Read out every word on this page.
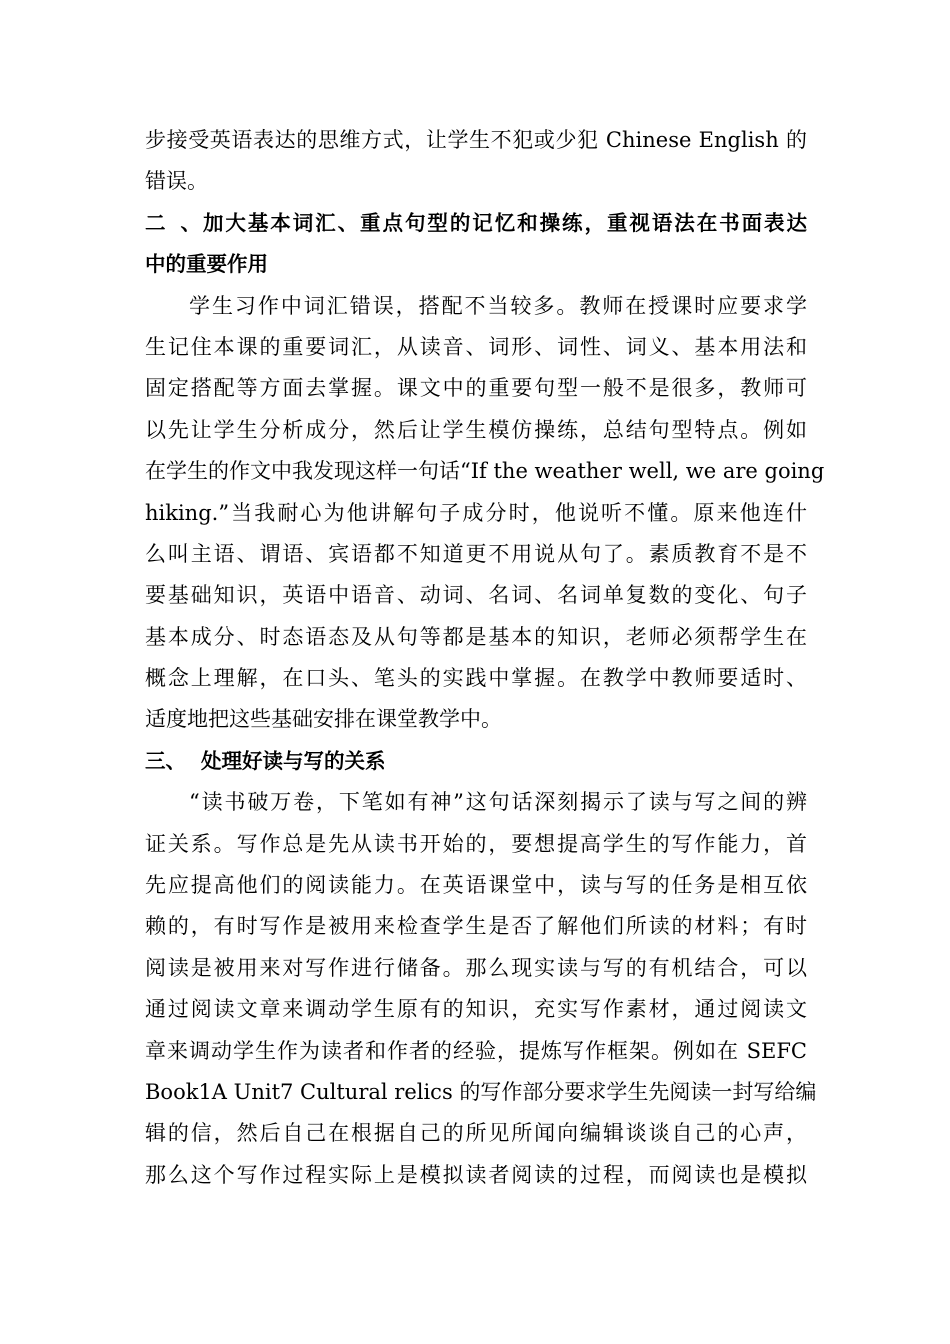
步接受英语表达的思维方式，让学生不犯或少犯 Chinese English 的
错误。
二、加大基本词汇、重点句型的记忆和操练，重视语法在书面表达
中的重要作用
学生习作中词汇错误，搭配不当较多。教师在授课时应要求学
生记住本课的重要词汇，从读音、词形、词性、词义、基本用法和
固定搭配等方面去掌握。课文中的重要句型一般不是很多，教师可
以先让学生分析成分，然后让学生模仿操练，总结句型特点。例如
在学生的作文中我发现这样一句话“If the weather well, we are going
hiking.”当我耐心为他讲解句子成分时，他说听不懂。原来他连什
么叫主语、谓语、宾语都不知道更不用说从句了。素质教育不是不
要基础知识，英语中语音、动词、名词、名词单复数的变化、句子
基本成分、时态语态及从句等都是基本的知识，老师必须帮学生在
概念上理解，在口头、笔头的实践中掌握。在教学中教师要适时、
适度地把这些基础安排在课堂教学中。
三、 处理好读与写的关系
“读书破万卷，下笔如有神”这句话深刻揭示了读与写之间的辨
证关系。写作总是先从读书开始的，要想提高学生的写作能力，首
先应提高他们的阅读能力。在英语课堂中，读与写的任务是相互依
赖的，有时写作是被用来检查学生是否了解他们所读的材料；有时
阅读是被用来对写作进行储备。那么现实读与写的有机结合，可以
通过阅读文章来调动学生原有的知识，充实写作素材，通过阅读文
章来调动学生作为读者和作者的经验，提炼写作框架。例如在 SEFC
Book1A Unit7 Cultural relics 的写作部分要求学生先阅读一封写给编
辑的信，然后自己在根据自己的所见所闻向编辑谈谈自己的心声，
那么这个写作过程实际上是模拟读者阅读的过程，而阅读也是模拟
